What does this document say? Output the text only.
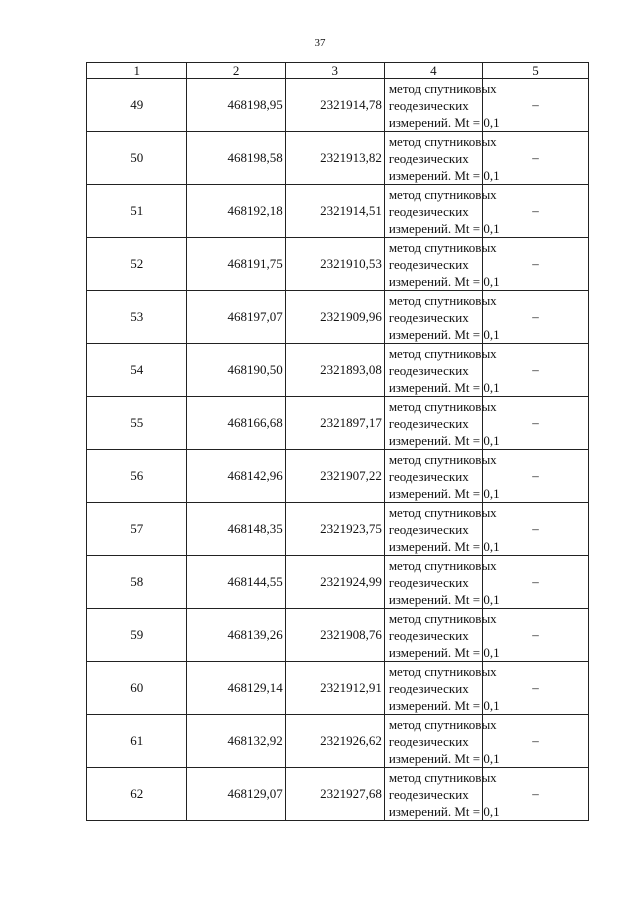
37
1	2	3	4	5
49	468198,95	2321914,78	метод спутниковых
геодезических
измерений. Mt = 0,1	–
50	468198,58	2321913,82	метод спутниковых
геодезических
измерений. Mt = 0,1	–
51	468192,18	2321914,51	метод спутниковых
геодезических
измерений. Mt = 0,1	–
52	468191,75	2321910,53	метод спутниковых
геодезических
измерений. Mt = 0,1	–
53	468197,07	2321909,96	метод спутниковых
геодезических
измерений. Mt = 0,1	–
54	468190,50	2321893,08	метод спутниковых
геодезических
измерений. Mt = 0,1	–
55	468166,68	2321897,17	метод спутниковых
геодезических
измерений. Mt = 0,1	–
56	468142,96	2321907,22	метод спутниковых
геодезических
измерений. Mt = 0,1	–
57	468148,35	2321923,75	метод спутниковых
геодезических
измерений. Mt = 0,1	–
58	468144,55	2321924,99	метод спутниковых
геодезических
измерений. Mt = 0,1	–
59	468139,26	2321908,76	метод спутниковых
геодезических
измерений. Mt = 0,1	–
60	468129,14	2321912,91	метод спутниковых
геодезических
измерений. Mt = 0,1	–
61	468132,92	2321926,62	метод спутниковых
геодезических
измерений. Mt = 0,1	–
62	468129,07	2321927,68	метод спутниковых
геодезических
измерений. Mt = 0,1	–
